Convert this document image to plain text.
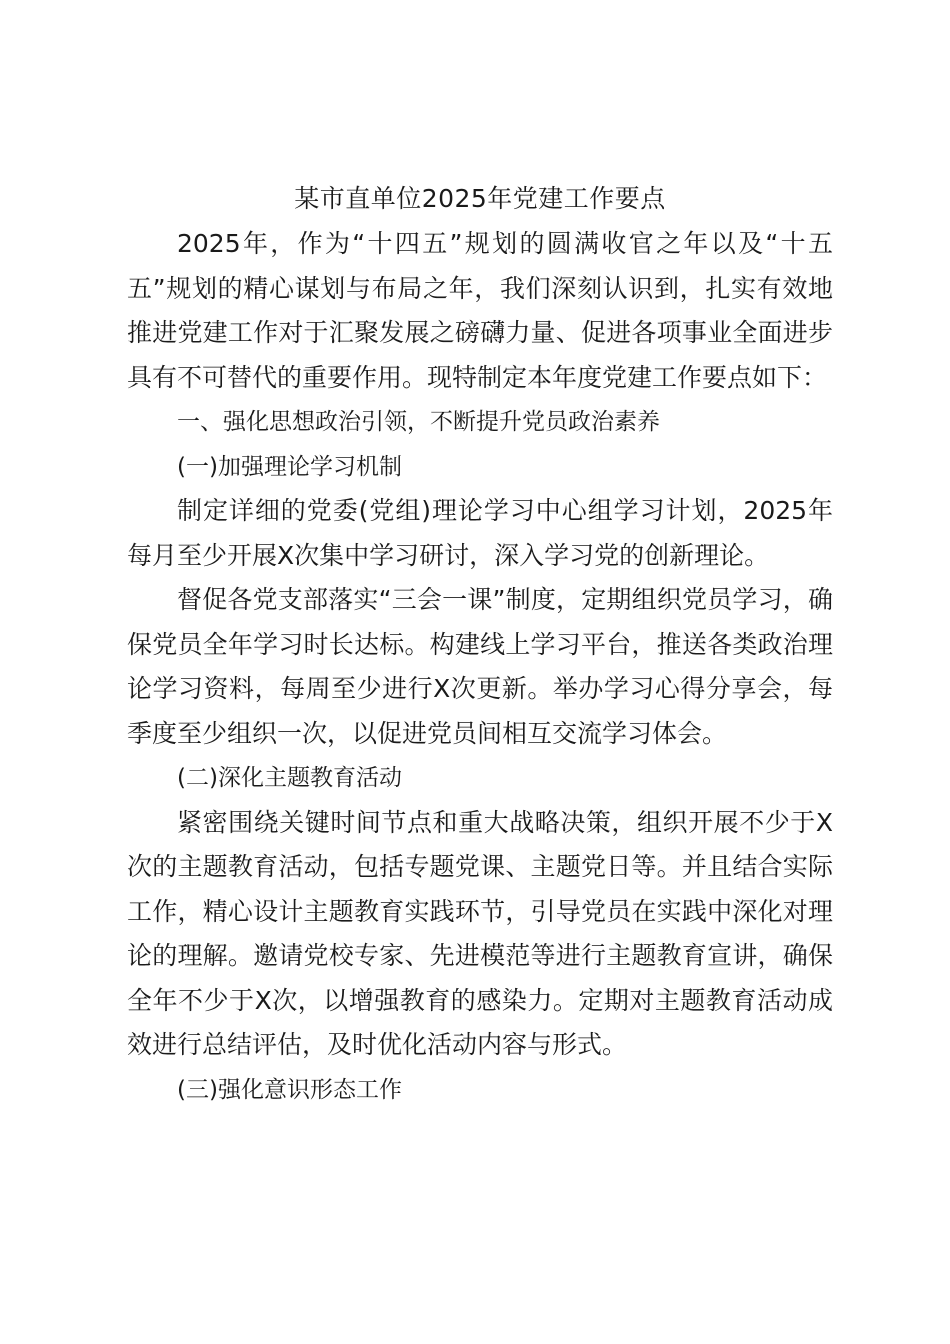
某市直单位2025年党建工作要点

2025年，作为“十四五”规划的圆满收官之年以及“十五五”规划的精心谋划与布局之年，我们深刻认识到，扎实有效地推进党建工作对于汇聚发展之磅礴力量、促进各项事业全面进步具有不可替代的重要作用。现特制定本年度党建工作要点如下：

一、强化思想政治引领，不断提升党员政治素养

(一)加强理论学习机制

制定详细的党委(党组)理论学习中心组学习计划，2025年每月至少开展X次集中学习研讨，深入学习党的创新理论。

督促各党支部落实“三会一课”制度，定期组织党员学习，确保党员全年学习时长达标。构建线上学习平台，推送各类政治理论学习资料，每周至少进行X次更新。举办学习心得分享会，每季度至少组织一次，以促进党员间相互交流学习体会。

(二)深化主题教育活动

紧密围绕关键时间节点和重大战略决策，组织开展不少于X次的主题教育活动，包括专题党课、主题党日等。并且结合实际工作，精心设计主题教育实践环节，引导党员在实践中深化对理论的理解。邀请党校专家、先进模范等进行主题教育宣讲，确保全年不少于X次，以增强教育的感染力。定期对主题教育活动成效进行总结评估，及时优化活动内容与形式。

(三)强化意识形态工作
